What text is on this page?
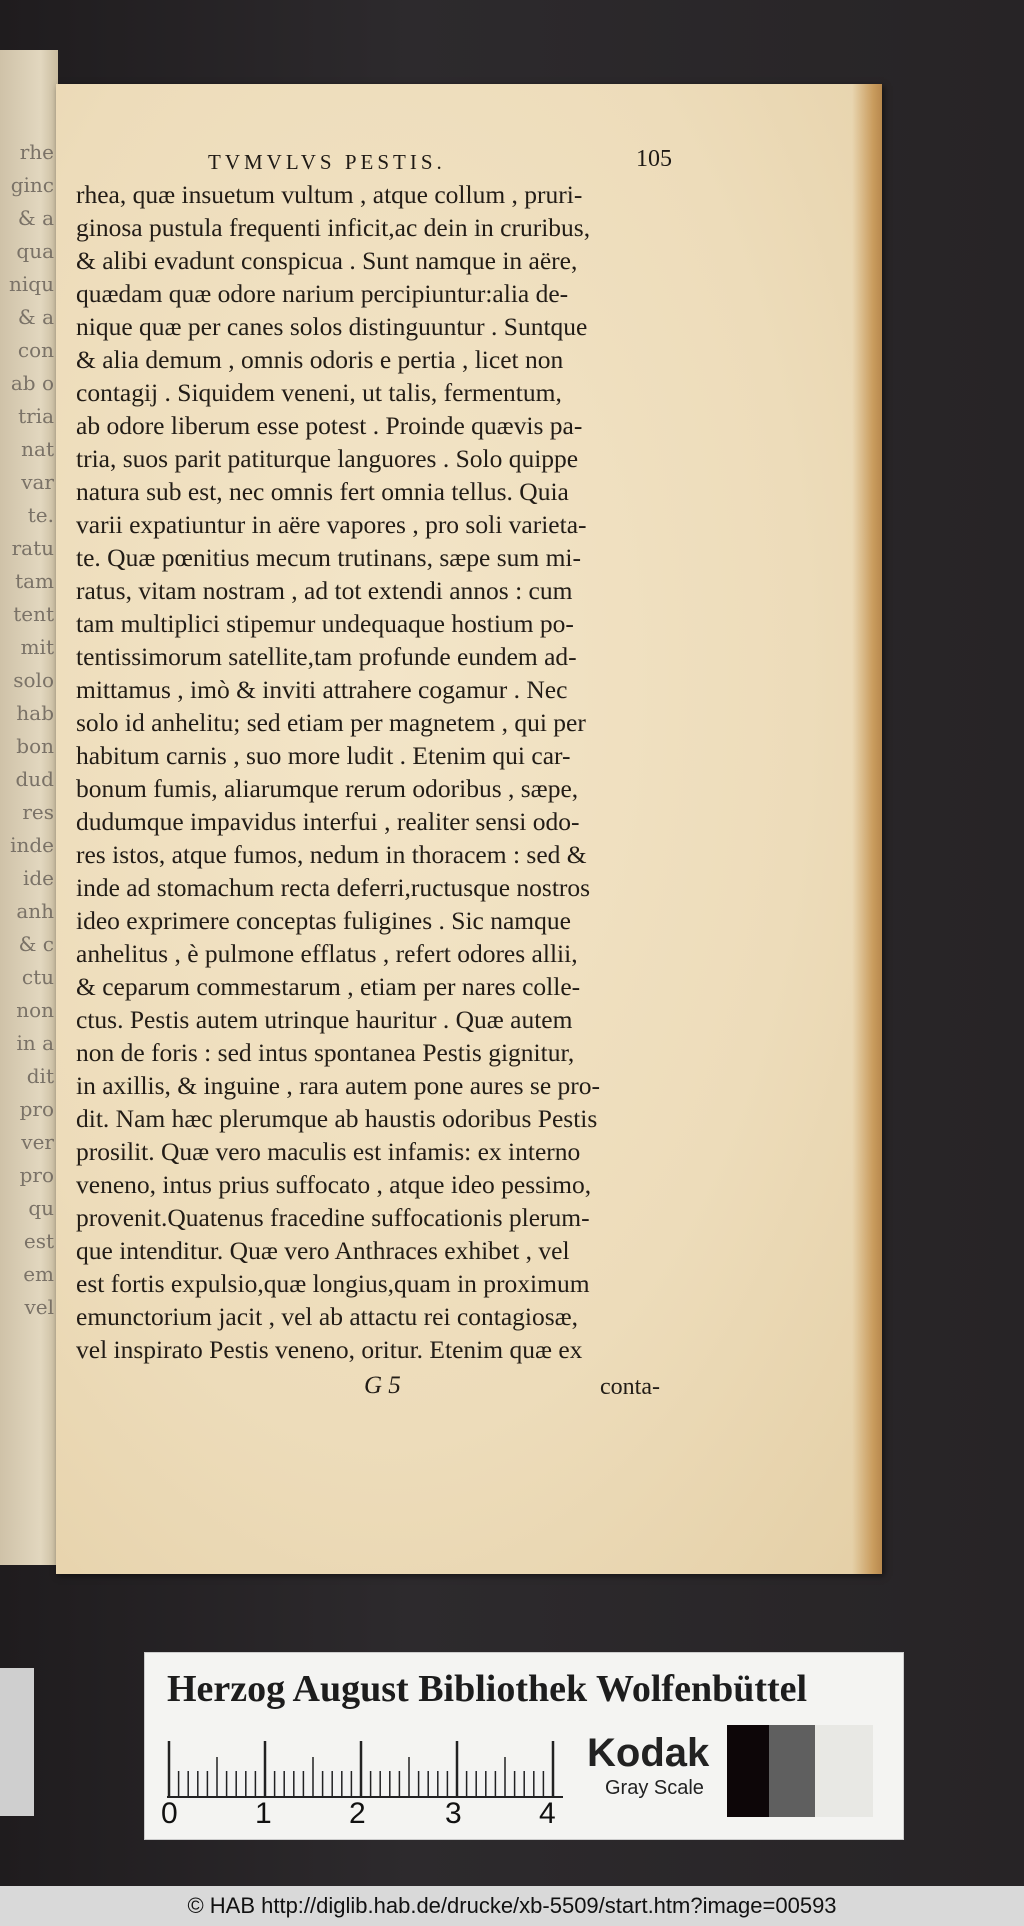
rhe
ginc
& a
qua
niqu
& a
con
ab o
tria
nat
var
te.
ratu
tam
tent
mit
solo
hab
bon
dud
res
inde
ide
anh
& c
ctu
non
in a
dit
pro
ver
pro
qu
est
em
vel
TVMVLVS PESTIS.	105
rhea, quæ insuetum vultum , atque collum , pruri-
ginosa pustula frequenti inficit,ac dein in cruribus,
& alibi evadunt conspicua . Sunt namque in aëre,
quædam quæ odore narium percipiuntur:alia de-
nique quæ per canes solos distinguuntur . Suntque
& alia demum , omnis odoris e pertia , licet non
contagij . Siquidem veneni, ut talis, fermentum,
ab odore liberum esse potest . Proinde quævis pa-
tria, suos parit patiturque languores . Solo quippe
natura sub est, nec omnis fert omnia tellus. Quia
varii expatiuntur in aëre vapores , pro soli varieta-
te. Quæ pœnitius mecum trutinans, sæpe sum mi-
ratus, vitam nostram , ad tot extendi annos : cum
tam multiplici stipemur undequaque hostium po-
tentissimorum satellite,tam profunde eundem ad-
mittamus , imò & inviti attrahere cogamur . Nec
solo id anhelitu; sed etiam per magnetem , qui per
habitum carnis , suo more ludit . Etenim qui car-
bonum fumis, aliarumque rerum odoribus , sæpe,
dudumque impavidus interfui , realiter sensi odo-
res istos, atque fumos, nedum in thoracem : sed &
inde ad stomachum recta deferri,ructusque nostros
ideo exprimere conceptas fuligines . Sic namque
anhelitus , è pulmone efflatus , refert odores allii,
& ceparum commestarum , etiam per nares colle-
ctus. Pestis autem utrinque hauritur . Quæ autem
non de foris : sed intus spontanea Pestis gignitur,
in axillis, & inguine , rara autem pone aures se pro-
dit. Nam hæc plerumque ab haustis odoribus Pestis
prosilit. Quæ vero maculis est infamis: ex interno
veneno, intus prius suffocato , atque ideo pessimo,
provenit.Quatenus fracedine suffocationis plerum-
que intenditur. Quæ vero Anthraces exhibet , vel
est fortis expulsio,quæ longius,quam in proximum
emunctorium jacit , vel ab attactu rei contagiosæ,
vel inspirato Pestis veneno, oritur. Etenim quæ ex
G 5	conta-
Herzog August Bibliothek Wolfenbüttel
0	1	2	3	4
Kodak
Gray Scale
© HAB http://diglib.hab.de/drucke/xb-5509/start.htm?image=00593
